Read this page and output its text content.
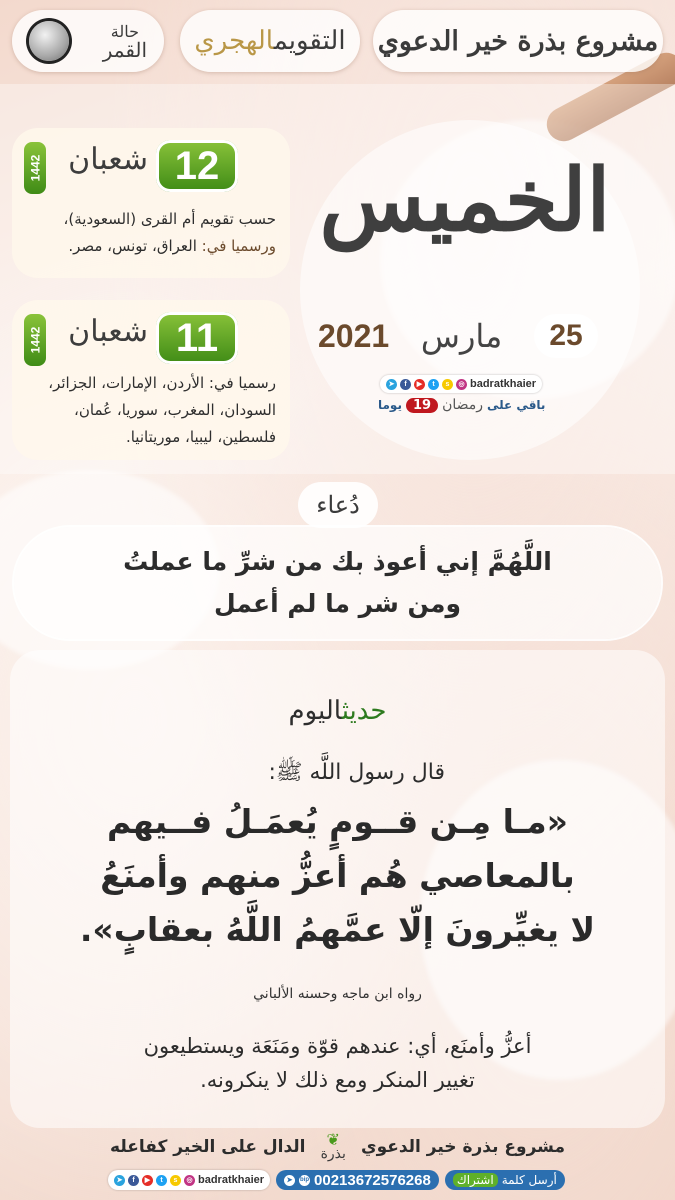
مشروع بذرة خير الدعوي
التقويمالهجري
حالة
القمر
الخميس
25
مارس
2021
➤	f	▶	t	s	◎ badratkhaier
باقي على
رمضان
19
يوما
12
شعبان
1442
حسب تقويم أم القرى (السعودية)،
ورسميا في: العراق، تونس، مصر.
11
شعبان
1442
رسميا في: الأردن، الإمارات، الجزائر،
السودان، المغرب، سوريا، عُمان،
فلسطين، ليبيا، موريتانيا.
دُعاء
اللَّهُمَّ إني أعوذ بك من شرِّ ما عملتُ
ومن شر ما لم أعمل
حديثاليوم
قال رسول اللَّه ﷺ:
«مـا مِـن قــومٍ يُعمَـلُ فــيهم
بالمعاصي هُم أعزُّ منهم وأمنَعُ
لا يغيِّرونَ إلّا عمَّهمُ اللَّهُ بعقابٍ».
رواه ابن ماجه وحسنه الألباني
أعزُّ وأمنَع، أي: عندهم قوّة ومَنَعَة ويستطيعون
تغيير المنكر ومع ذلك لا ينكرونه.
مشروع بذرة خير الدعوي
❦
بذرة
الدال على الخير كفاعله
أرسل كلمة
اشتراك
➤	bip 00213672576268
➤	f	▶	t	s	◎ badratkhaier
